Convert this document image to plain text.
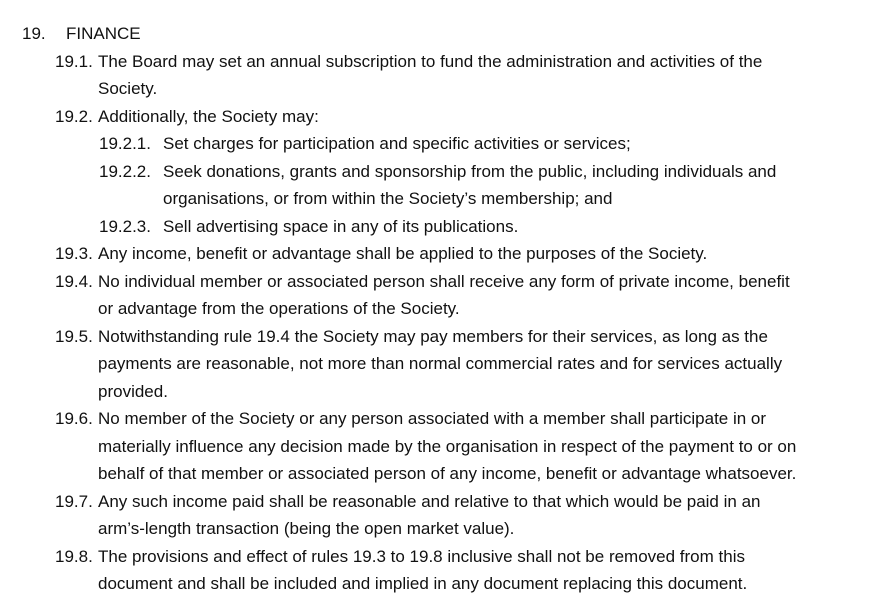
19. FINANCE
19.1. The Board may set an annual subscription to fund the administration and activities of the
Society.
19.2. Additionally, the Society may:
19.2.1. Set charges for participation and specific activities or services;
19.2.2. Seek donations, grants and sponsorship from the public, including individuals and
organisations, or from within the Society’s membership; and
19.2.3. Sell advertising space in any of its publications.
19.3. Any income, benefit or advantage shall be applied to the purposes of the Society.
19.4. No individual member or associated person shall receive any form of private income, benefit
or advantage from the operations of the Society.
19.5. Notwithstanding rule 19.4 the Society may pay members for their services, as long as the
payments are reasonable, not more than normal commercial rates and for services actually
provided.
19.6. No member of the Society or any person associated with a member shall participate in or
materially influence any decision made by the organisation in respect of the payment to or on
behalf of that member or associated person of any income, benefit or advantage whatsoever.
19.7. Any such income paid shall be reasonable and relative to that which would be paid in an
arm’s-length transaction (being the open market value).
19.8. The provisions and effect of rules 19.3 to 19.8 inclusive shall not be removed from this
document and shall be included and implied in any document replacing this document.
